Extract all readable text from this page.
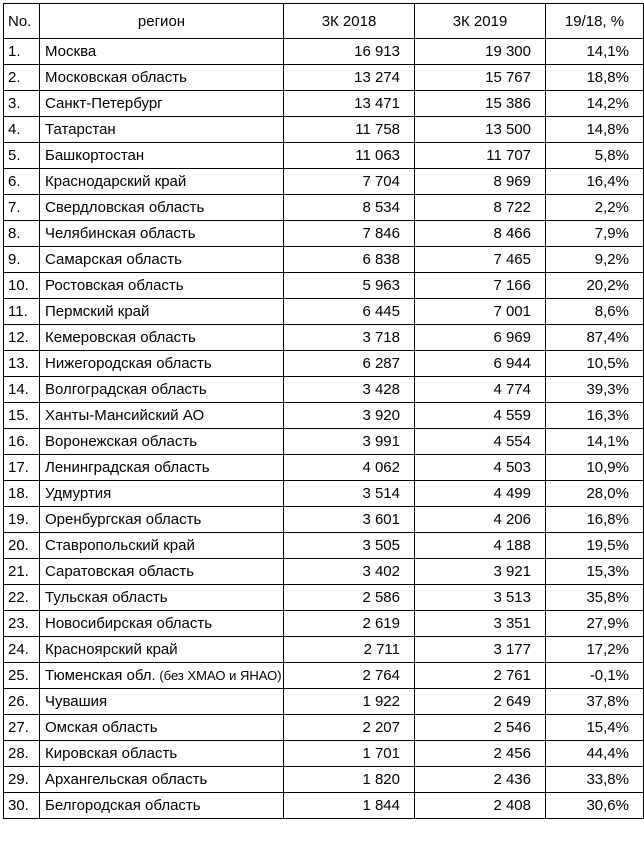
No.	регион	3К 2018	3К 2019	19/18, %
1.	Москва	16 913	19 300	14,1%
2.	Московская область	13 274	15 767	18,8%
3.	Санкт-Петербург	13 471	15 386	14,2%
4.	Татарстан	11 758	13 500	14,8%
5.	Башкортостан	11 063	11 707	5,8%
6.	Краснодарский край	7 704	8 969	16,4%
7.	Свердловская область	8 534	8 722	2,2%
8.	Челябинская область	7 846	8 466	7,9%
9.	Самарская область	6 838	7 465	9,2%
10.	Ростовская область	5 963	7 166	20,2%
11.	Пермский край	6 445	7 001	8,6%
12.	Кемеровская область	3 718	6 969	87,4%
13.	Нижегородская область	6 287	6 944	10,5%
14.	Волгоградская область	3 428	4 774	39,3%
15.	Ханты-Мансийский АО	3 920	4 559	16,3%
16.	Воронежская область	3 991	4 554	14,1%
17.	Ленинградская область	4 062	4 503	10,9%
18.	Удмуртия	3 514	4 499	28,0%
19.	Оренбургская область	3 601	4 206	16,8%
20.	Ставропольский край	3 505	4 188	19,5%
21.	Саратовская область	3 402	3 921	15,3%
22.	Тульская область	2 586	3 513	35,8%
23.	Новосибирская область	2 619	3 351	27,9%
24.	Красноярский край	2 711	3 177	17,2%
25.	Тюменская обл. (без ХМАО и ЯНАО)	2 764	2 761	-0,1%
26.	Чувашия	1 922	2 649	37,8%
27.	Омская область	2 207	2 546	15,4%
28.	Кировская область	1 701	2 456	44,4%
29.	Архангельская область	1 820	2 436	33,8%
30.	Белгородская область	1 844	2 408	30,6%
